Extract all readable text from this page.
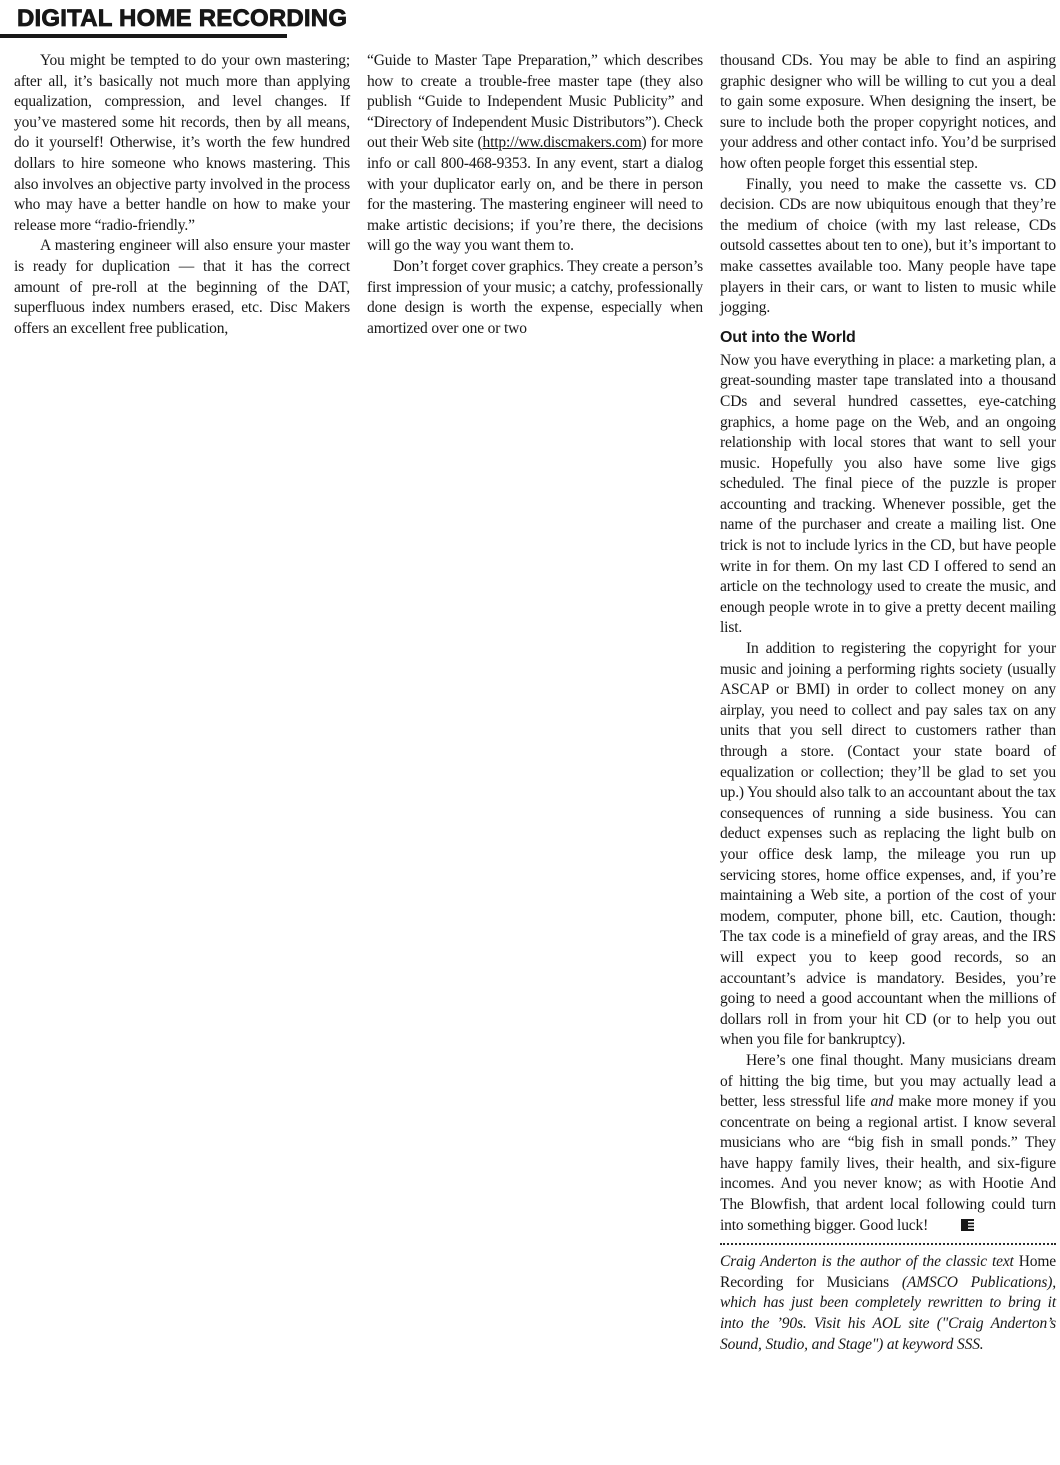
DIGITAL HOME RECORDING

You might be tempted to do your own mastering; after all, it’s basically not much more than applying equalization, compression, and level changes. If you’ve mastered some hit records, then by all means, do it yourself! Otherwise, it’s worth the few hundred dollars to hire someone who knows mastering. This also involves an objective party involved in the process who may have a better handle on how to make your release more “radio-friendly.”

A mastering engineer will also ensure your master is ready for duplication — that it has the correct amount of pre-roll at the beginning of the DAT, superfluous index numbers erased, etc. Disc Makers offers an excellent free publication,

“Guide to Master Tape Preparation,” which describes how to create a trouble-free master tape (they also publish “Guide to Independent Music Publicity” and “Directory of Independent Music Distributors”). Check out their Web site (http://ww.discmakers.com) for more info or call 800-468-9353. In any event, start a dialog with your duplicator early on, and be there in person for the mastering. The mastering engineer will need to make artistic decisions; if you’re there, the decisions will go the way you want them to.

Don’t forget cover graphics. They create a person’s first impression of your music; a catchy, professionally done design is worth the expense, especially when amortized over one or two

thousand CDs. You may be able to find an aspiring graphic designer who will be willing to cut you a deal to gain some exposure. When designing the insert, be sure to include both the proper copyright notices, and your address and other contact info. You’d be surprised how often people forget this essential step.

Finally, you need to make the cassette vs. CD decision. CDs are now ubiquitous enough that they’re the medium of choice (with my last release, CDs outsold cassettes about ten to one), but it’s important to make cassettes available too. Many people have tape players in their cars, or want to listen to music while jogging.

Out into the World

Now you have everything in place: a marketing plan, a great-sounding master tape translated into a thousand CDs and several hundred cassettes, eye-catching graphics, a home page on the Web, and an ongoing relationship with local stores that want to sell your music. Hopefully you also have some live gigs scheduled. The final piece of the puzzle is proper accounting and tracking. Whenever possible, get the name of the purchaser and create a mailing list. One trick is not to include lyrics in the CD, but have people write in for them. On my last CD I offered to send an article on the technology used to create the music, and enough people wrote in to give a pretty decent mailing list.

In addition to registering the copyright for your music and joining a performing rights society (usually ASCAP or BMI) in order to collect money on any airplay, you need to collect and pay sales tax on any units that you sell direct to customers rather than through a store. (Contact your state board of equalization or collection; they’ll be glad to set you up.) You should also talk to an accountant about the tax consequences of running a side business. You can deduct expenses such as replacing the light bulb on your office desk lamp, the mileage you run up servicing stores, home office expenses, and, if you’re maintaining a Web site, a portion of the cost of your modem, computer, phone bill, etc. Caution, though: The tax code is a minefield of gray areas, and the IRS will expect you to keep good records, so an accountant’s advice is mandatory. Besides, you’re going to need a good accountant when the millions of dollars roll in from your hit CD (or to help you out when you file for bankruptcy).

Here’s one final thought. Many musicians dream of hitting the big time, but you may actually lead a better, less stressful life and make more money if you concentrate on being a regional artist. I know several musicians who are “big fish in small ponds.” They have happy family lives, their health, and six-figure incomes. And you never know; as with Hootie And The Blowfish, that ardent local following could turn into something bigger. Good luck!

Craig Anderton is the author of the classic text Home Recording for Musicians (AMSCO Publications), which has just been completely rewritten to bring it into the ’90s. Visit his AOL site ("Craig Anderton’s Sound, Studio, and Stage") at keyword SSS.
